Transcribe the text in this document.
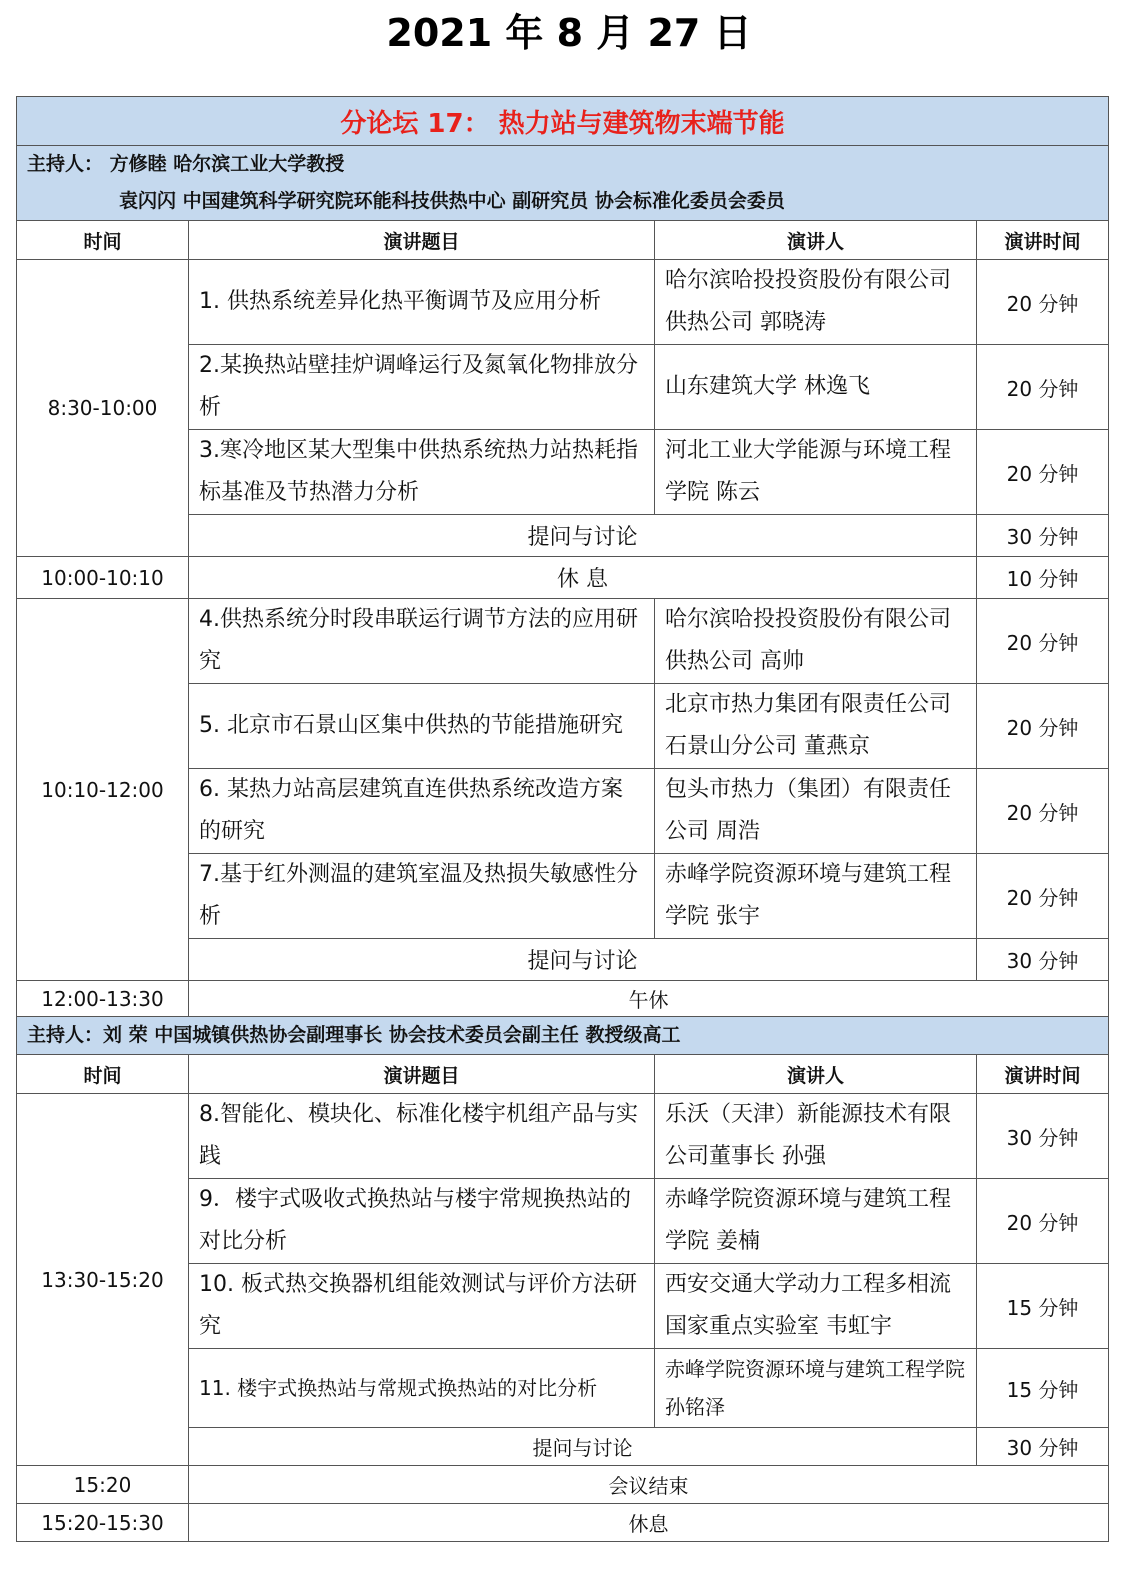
2021 年 8 月 27 日
分论坛 17： 热力站与建筑物末端节能			

主持人： 方修睦 哈尔滨工业大学教授
袁闪闪 中国建筑科学研究院环能科技供热中心 副研究员 协会标准化委员会委员			

时间	演讲题目	演讲人	演讲时间
8:30-10:00	1. 供热系统差异化热平衡调节及应用分析	哈尔滨哈投投资股份有限公司供热公司 郭晓涛	20 分钟
	2.某换热站壁挂炉调峰运行及氮氧化物排放分析	山东建筑大学 林逸飞	20 分钟
	3.寒冷地区某大型集中供热系统热力站热耗指标基准及节热潜力分析	河北工业大学能源与环境工程学院 陈云	20 分钟
	提问与讨论		30 分钟
10:00-10:10	休 息		10 分钟
10:10-12:00	4.供热系统分时段串联运行调节方法的应用研究	哈尔滨哈投投资股份有限公司供热公司 高帅	20 分钟
	5. 北京市石景山区集中供热的节能措施研究	北京市热力集团有限责任公司石景山分公司 董燕京	20 分钟
	6. 某热力站高层建筑直连供热系统改造方案的研究	包头市热力（集团）有限责任公司 周浩	20 分钟
	7.基于红外测温的建筑室温及热损失敏感性分析	赤峰学院资源环境与建筑工程学院 张宇	20 分钟
	提问与讨论		30 分钟
12:00-13:30	午休		

主持人：刘 荣 中国城镇供热协会副理事长 协会技术委员会副主任 教授级高工			

时间	演讲题目	演讲人	演讲时间
13:30-15:20	8.智能化、模块化、标准化楼宇机组产品与实践	乐沃（天津）新能源技术有限公司董事长 孙强	30 分钟
	9．楼宇式吸收式换热站与楼宇常规换热站的对比分析	赤峰学院资源环境与建筑工程学院 姜楠	20 分钟
	10. 板式热交换器机组能效测试与评价方法研究	西安交通大学动力工程多相流国家重点实验室 韦虹宇	15 分钟
	11. 楼宇式换热站与常规式换热站的对比分析	赤峰学院资源环境与建筑工程学院 孙铭泽	15 分钟
	提问与讨论		30 分钟
15:20	会议结束		
15:20-15:30	休息		
